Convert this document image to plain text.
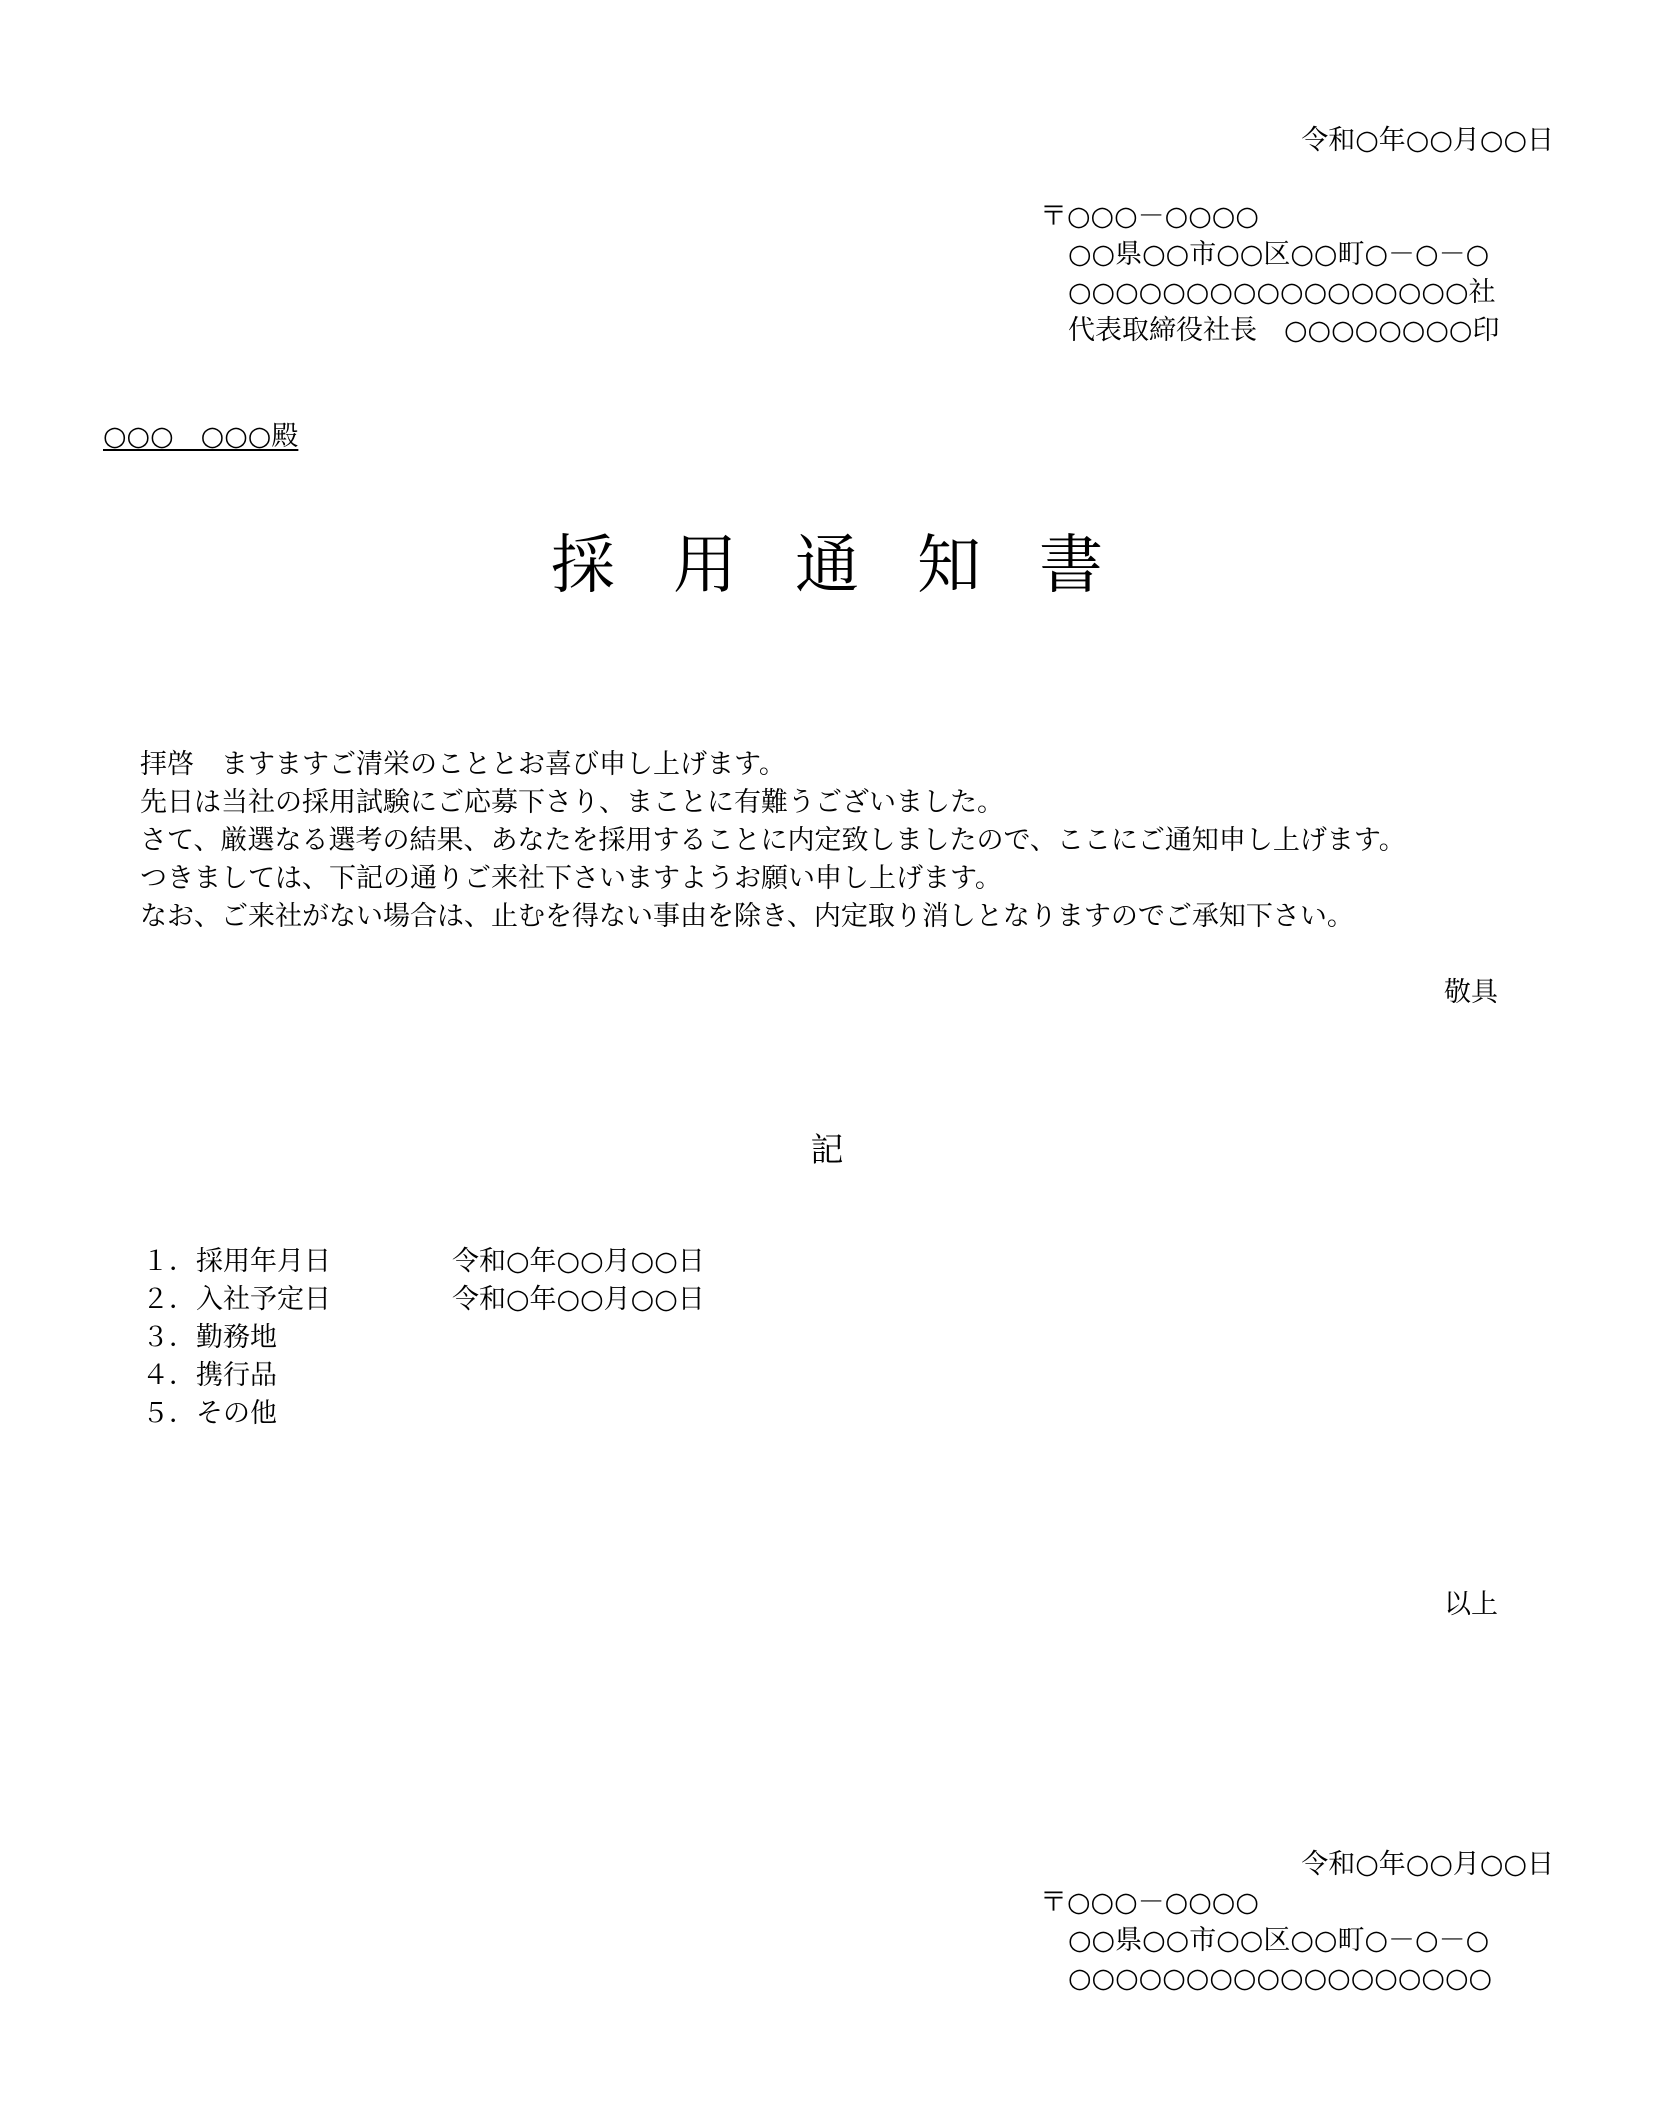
令和○年○○月○○日
〒○○○－○○○○
○○県○○市○○区○○町○－○－○
○○○○○○○○○○○○○○○○○社
代表取締役社長　○○○○○○○○印
○○○　○○○殿
採用通知書
拝啓　ますますご清栄のこととお喜び申し上げます。
先日は当社の採用試験にご応募下さり、まことに有難うございました。
さて、厳選なる選考の結果、あなたを採用することに内定致しましたので、ここにご通知申し上げます。
つきましては、下記の通りご来社下さいますようお願い申し上げます。
なお、ご来社がない場合は、止むを得ない事由を除き、内定取り消しとなりますのでご承知下さい。
敬具
記
１．採用年月日	令和○年○○月○○日
２．入社予定日	令和○年○○月○○日
３．勤務地
４．携行品
５．その他
以上
令和○年○○月○○日
〒○○○－○○○○
○○県○○市○○区○○町○－○－○
○○○○○○○○○○○○○○○○○○
